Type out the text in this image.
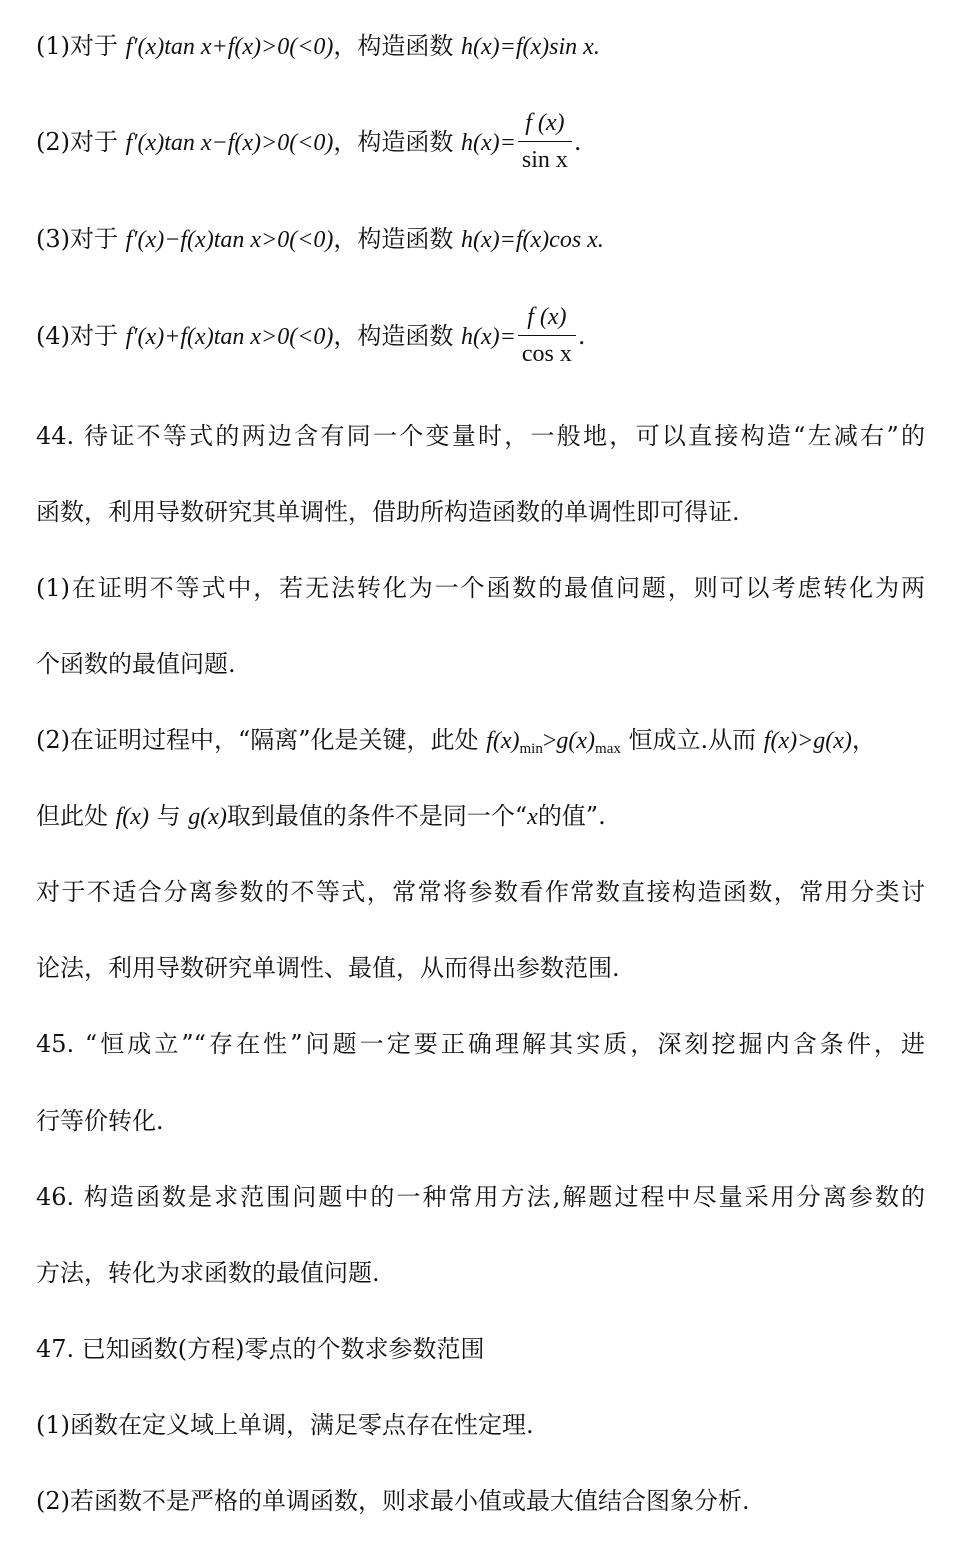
(1)对于 f′(x)tan x+f(x)>0(<0)，构造函数 h(x)=f(x)sin x.
(2)对于 f′(x)tan x−f(x)>0(<0)，构造函数 $h(x)= \frac{f (x)}{\text{sin x}}$ .
(3)对于 f′(x)−f(x)tan x>0(<0)，构造函数 h(x)=f(x)cos x.
(4)对于 f′(x)+f(x)tan x>0(<0)，构造函数 $h(x)= \frac{f (x)}{\text{cos x}}$ .
44. 待证不等式的两边含有同一个变量时，一般地，可以直接构造“左减右”的
函数，利用导数研究其单调性，借助所构造函数的单调性即可得证.
(1)在证明不等式中，若无法转化为一个函数的最值问题，则可以考虑转化为两
个函数的最值问题.
(2)在证明过程中，“隔离”化是关键，此处 $f(x)_{min}>g(x)_{max}$ 恒成立.从而 f(x)>g(x)，
但此处 f(x) 与 g(x)取到最值的条件不是同一个“x的值”.
对于不适合分离参数的不等式，常常将参数看作常数直接构造函数，常用分类讨
论法，利用导数研究单调性、最值，从而得出参数范围.
45. “恒成立”“存在性”问题一定要正确理解其实质，深刻挖掘内含条件，进
行等价转化.
46. 构造函数是求范围问题中的一种常用方法,解题过程中尽量采用分离参数的
方法，转化为求函数的最值问题.
47. 已知函数(方程)零点的个数求参数范围
(1)函数在定义域上单调，满足零点存在性定理.
(2)若函数不是严格的单调函数，则求最小值或最大值结合图象分析.
